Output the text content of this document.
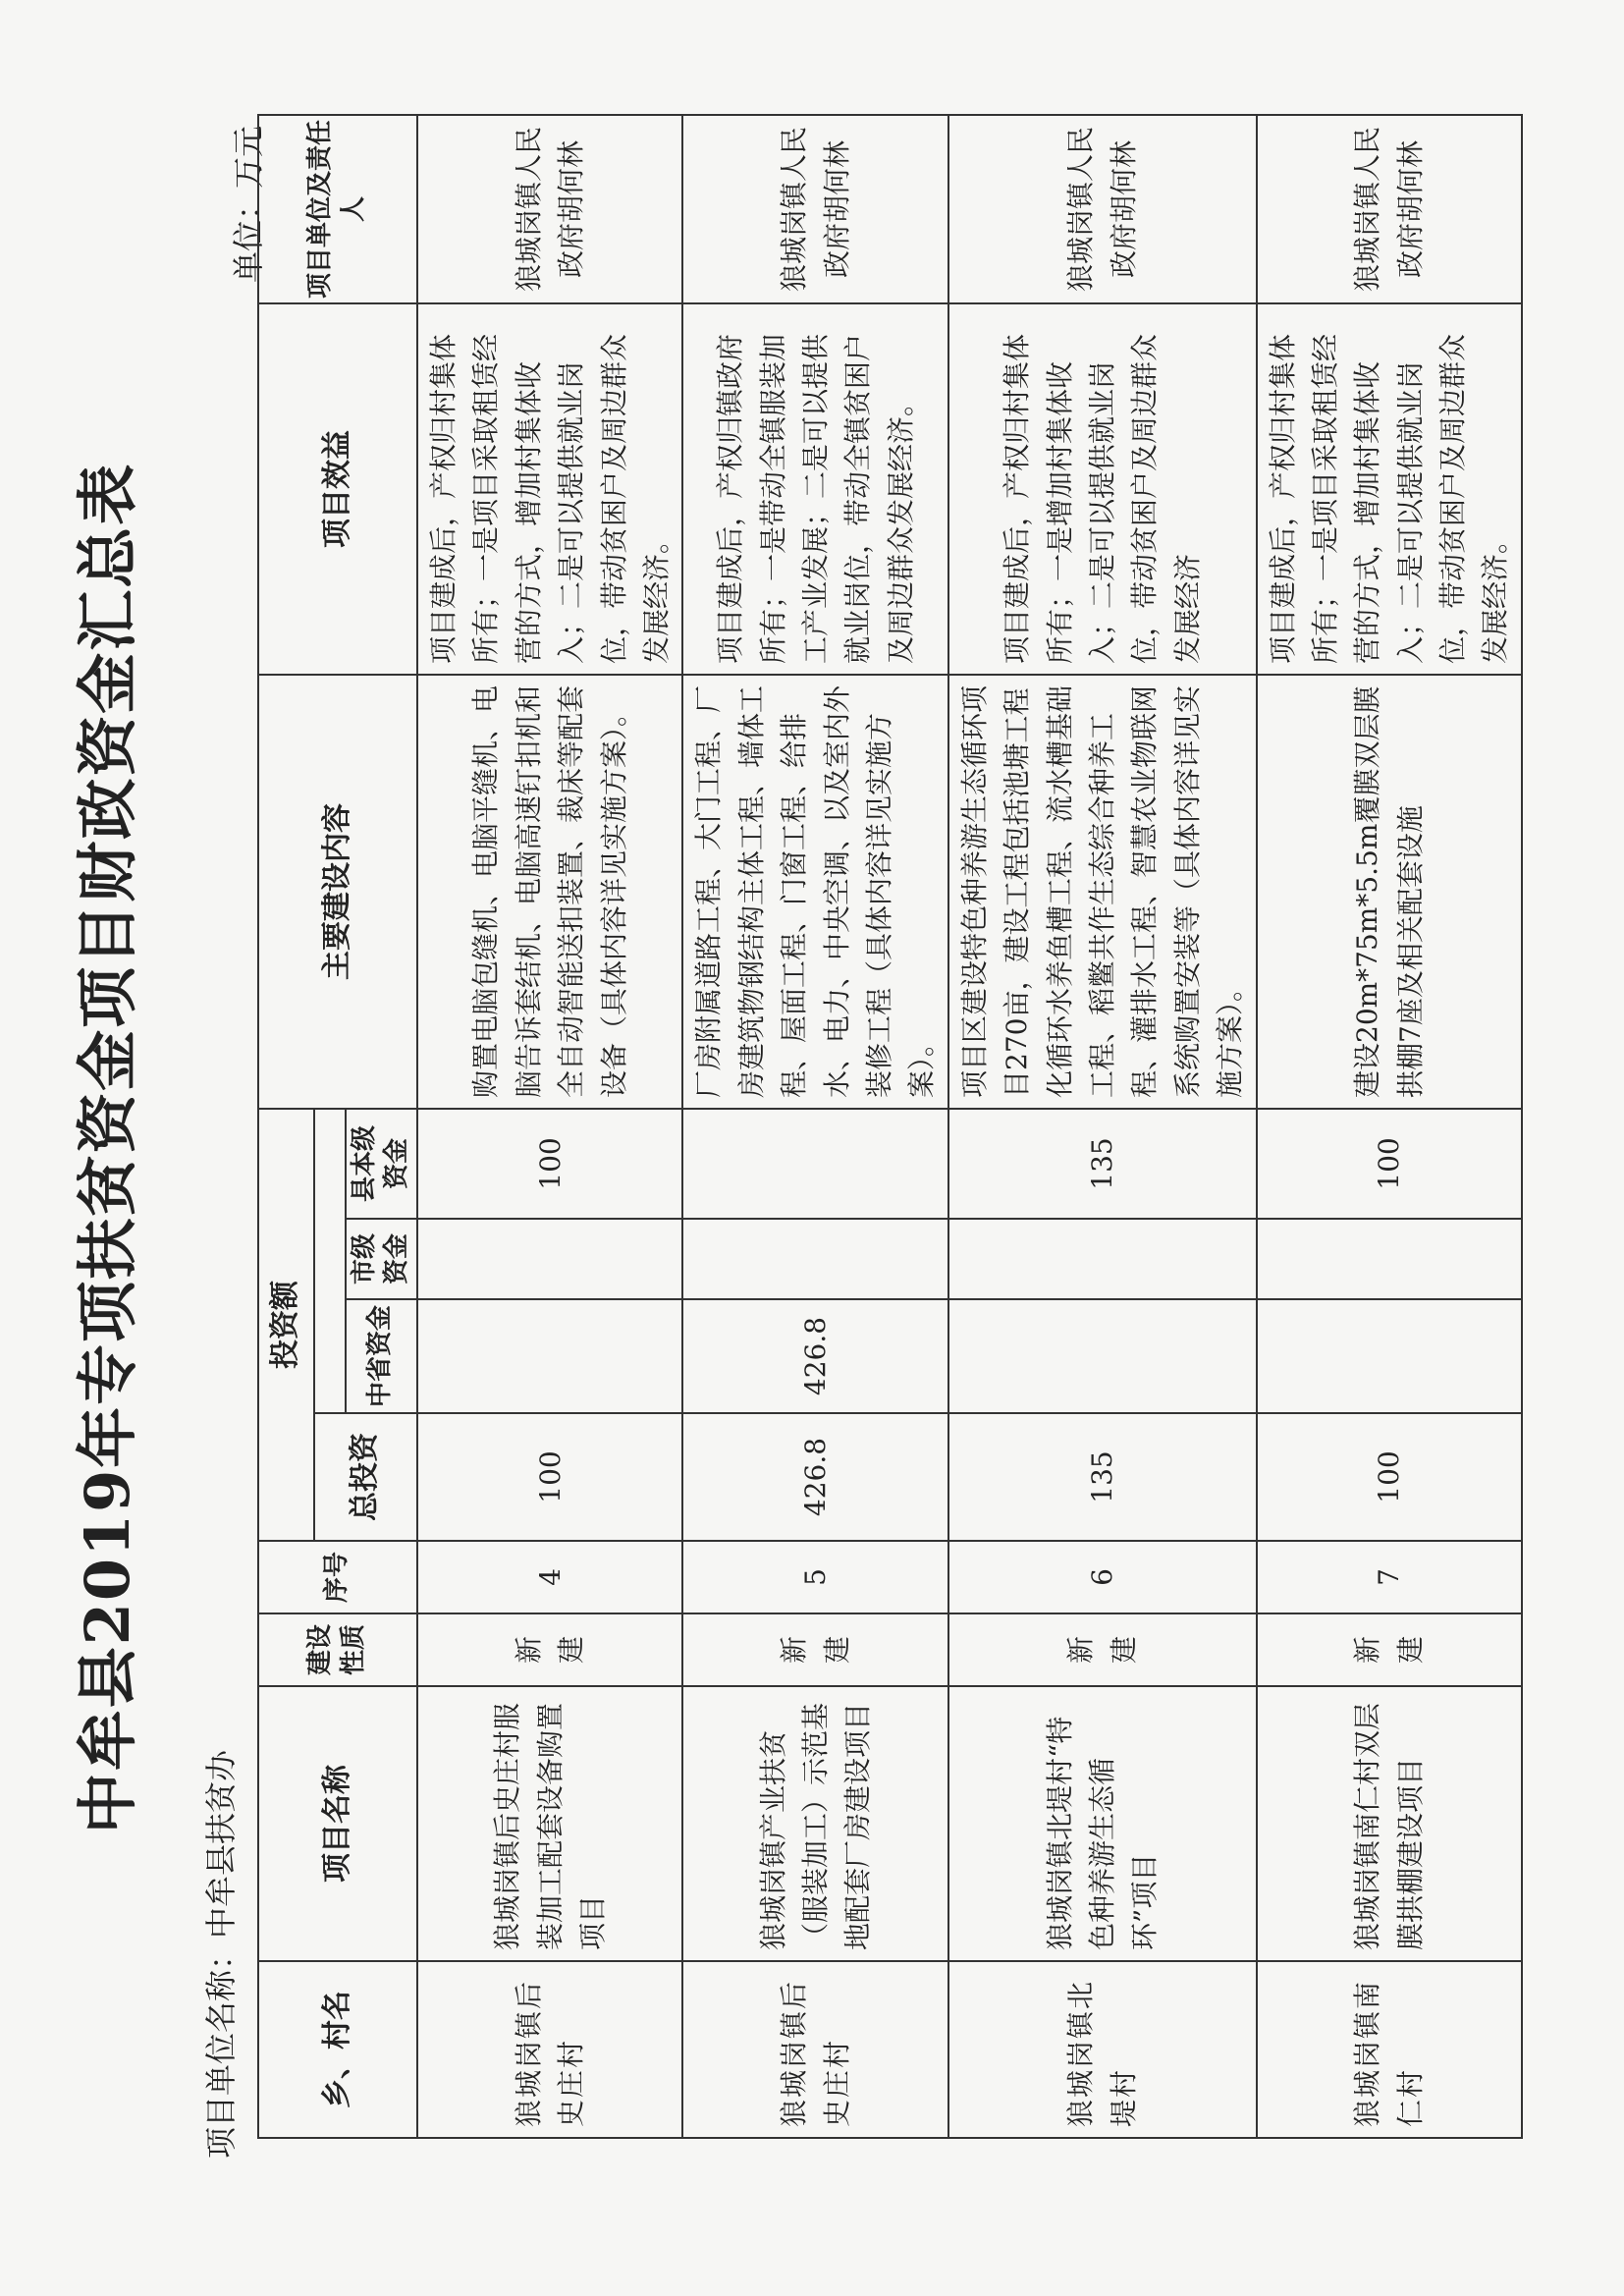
中牟县2019年专项扶贫资金项目财政资金汇总表
项目单位名称：中牟县扶贫办
单位：万元
乡、村名	项目名称	建设性质	序号	投资额				主要建设内容	项目效益	项目单位及责任人
				总投资						
					中省资金	市级资金	县本级资金			
狼城岗镇后史庄村	狼城岗镇后史庄村服装加工配套设备购置项目	新建	4	100			100	购置电脑包缝机、电脑平缝机、电脑告诉套结机、电脑高速钉扣机和全自动智能送扣装置、裁床等配套设备（具体内容详见实施方案）。	项目建成后，产权归村集体所有；一是项目采取租赁经营的方式，增加村集体收入；二是可以提供就业岗位，带动贫困户及周边群众发展经济。	狼城岗镇人民政府胡何林
狼城岗镇后史庄村	狼城岗镇产业扶贫（服装加工）示范基地配套厂房建设项目	新建	5	426.8	426.8			厂房附属道路工程、大门工程、厂房建筑物钢结构主体工程、墙体工程、屋面工程、门窗工程、给排水、电力、中央空调、以及室内外装修工程（具体内容详见实施方案）。	项目建成后，产权归镇政府所有；一是带动全镇服装加工产业发展；二是可以提供就业岗位，带动全镇贫困户及周边群众发展经济。	狼城岗镇人民政府胡何林
狼城岗镇北堤村	狼城岗镇北堤村“特色种养游生态循环”项目	新建	6	135			135	项目区建设特色种养游生态循环项目270亩，建设工程包括池塘工程化循环水养鱼槽工程、流水槽基础工程、稻鳖共作生态综合种养工程、灌排水工程、智慧农业物联网系统购置安装等（具体内容详见实施方案）。	项目建成后，产权归村集体所有；一是增加村集体收入；二是可以提供就业岗位，带动贫困户及周边群众发展经济	狼城岗镇人民政府胡何林
狼城岗镇南仁村	狼城岗镇南仁村双层膜拱棚建设项目	新建	7	100			100	建设20m*75m*5.5m覆膜双层膜拱棚7座及相关配套设施	项目建成后，产权归村集体所有；一是项目采取租赁经营的方式，增加村集体收入；二是可以提供就业岗位，带动贫困户及周边群众发展经济。	狼城岗镇人民政府胡何林
